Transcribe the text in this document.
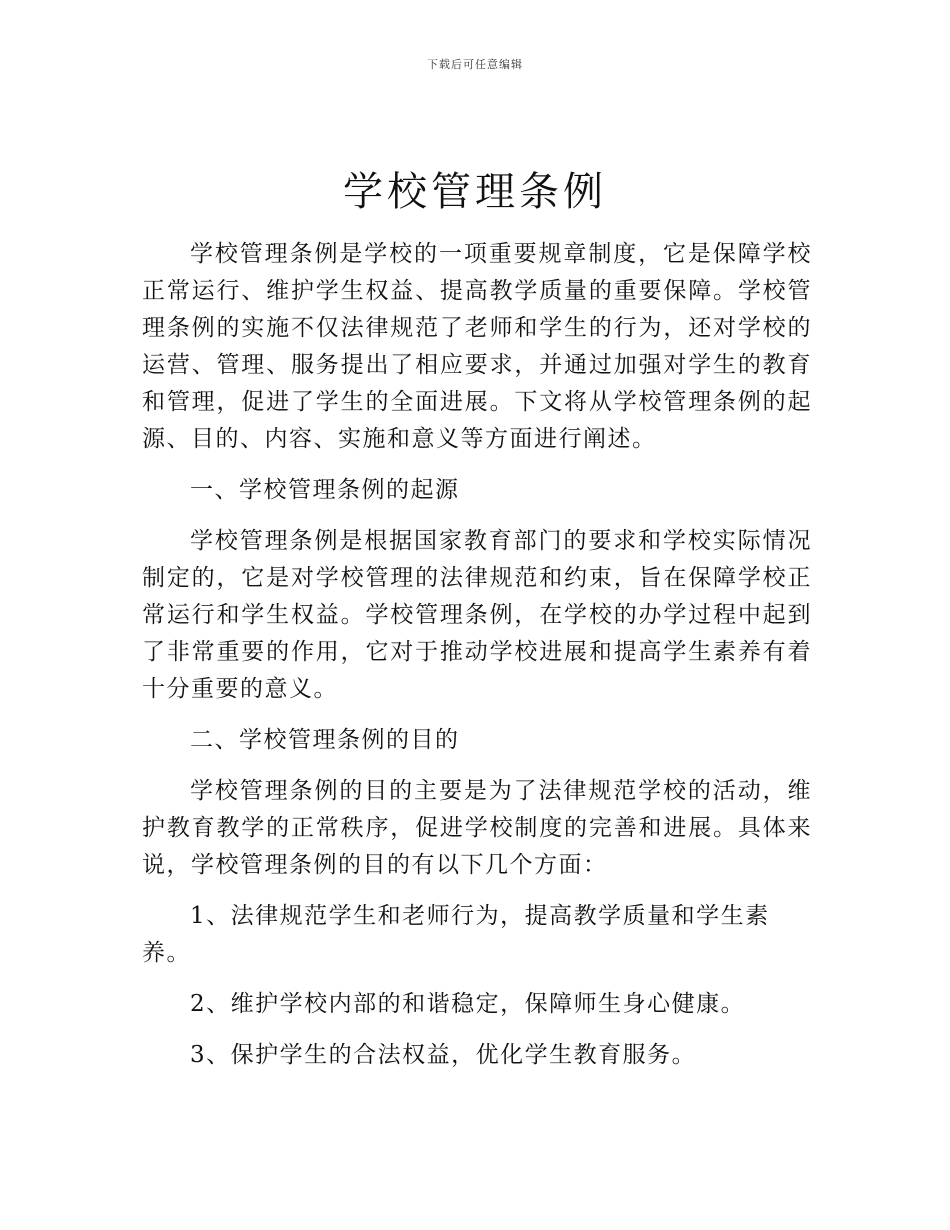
下载后可任意编辑
学校管理条例

学校管理条例是学校的一项重要规章制度，它是保障学校正常运行、维护学生权益、提高教学质量的重要保障。学校管理条例的实施不仅法律规范了老师和学生的行为，还对学校的运营、管理、服务提出了相应要求，并通过加强对学生的教育和管理，促进了学生的全面进展。下文将从学校管理条例的起源、目的、内容、实施和意义等方面进行阐述。

一、学校管理条例的起源

学校管理条例是根据国家教育部门的要求和学校实际情况制定的，它是对学校管理的法律规范和约束，旨在保障学校正常运行和学生权益。学校管理条例，在学校的办学过程中起到了非常重要的作用，它对于推动学校进展和提高学生素养有着十分重要的意义。

二、学校管理条例的目的

学校管理条例的目的主要是为了法律规范学校的活动，维护教育教学的正常秩序，促进学校制度的完善和进展。具体来说，学校管理条例的目的有以下几个方面：

1、法律规范学生和老师行为，提高教学质量和学生素养。

2、维护学校内部的和谐稳定，保障师生身心健康。

3、保护学生的合法权益，优化学生教育服务。
